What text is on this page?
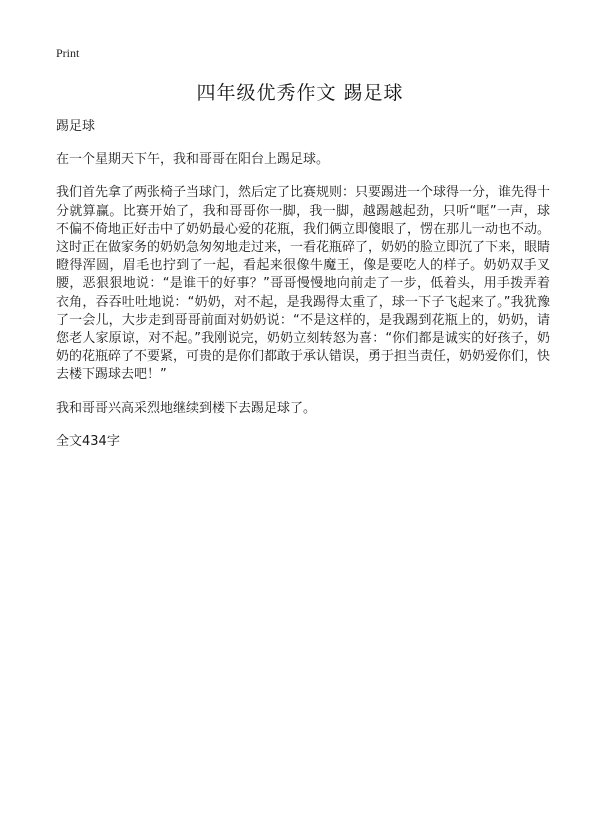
Print
四年级优秀作文 踢足球

踢足球

在一个星期天下午，我和哥哥在阳台上踢足球。

我们首先拿了两张椅子当球门，然后定了比赛规则：只要踢进一个球得一分，谁先得十分就算赢。比赛开始了，我和哥哥你一脚，我一脚，越踢越起劲，只听“哐”一声，球不偏不倚地正好击中了奶奶最心爱的花瓶，我们俩立即傻眼了，愣在那儿一动也不动。这时正在做家务的奶奶急匆匆地走过来，一看花瓶碎了，奶奶的脸立即沉了下来，眼睛瞪得浑圆，眉毛也拧到了一起，看起来很像牛魔王，像是要吃人的样子。奶奶双手叉腰，恶狠狠地说：“是谁干的好事？”哥哥慢慢地向前走了一步，低着头，用手拨弄着衣角，吞吞吐吐地说：“奶奶，对不起，是我踢得太重了，球一下子飞起来了。”我犹豫了一会儿，大步走到哥哥前面对奶奶说：“不是这样的，是我踢到花瓶上的，奶奶，请您老人家原谅，对不起。”我刚说完，奶奶立刻转怒为喜：“你们都是诚实的好孩子，奶奶的花瓶碎了不要紧，可贵的是你们都敢于承认错误，勇于担当责任，奶奶爱你们，快去楼下踢球去吧！”

我和哥哥兴高采烈地继续到楼下去踢足球了。

全文434字
